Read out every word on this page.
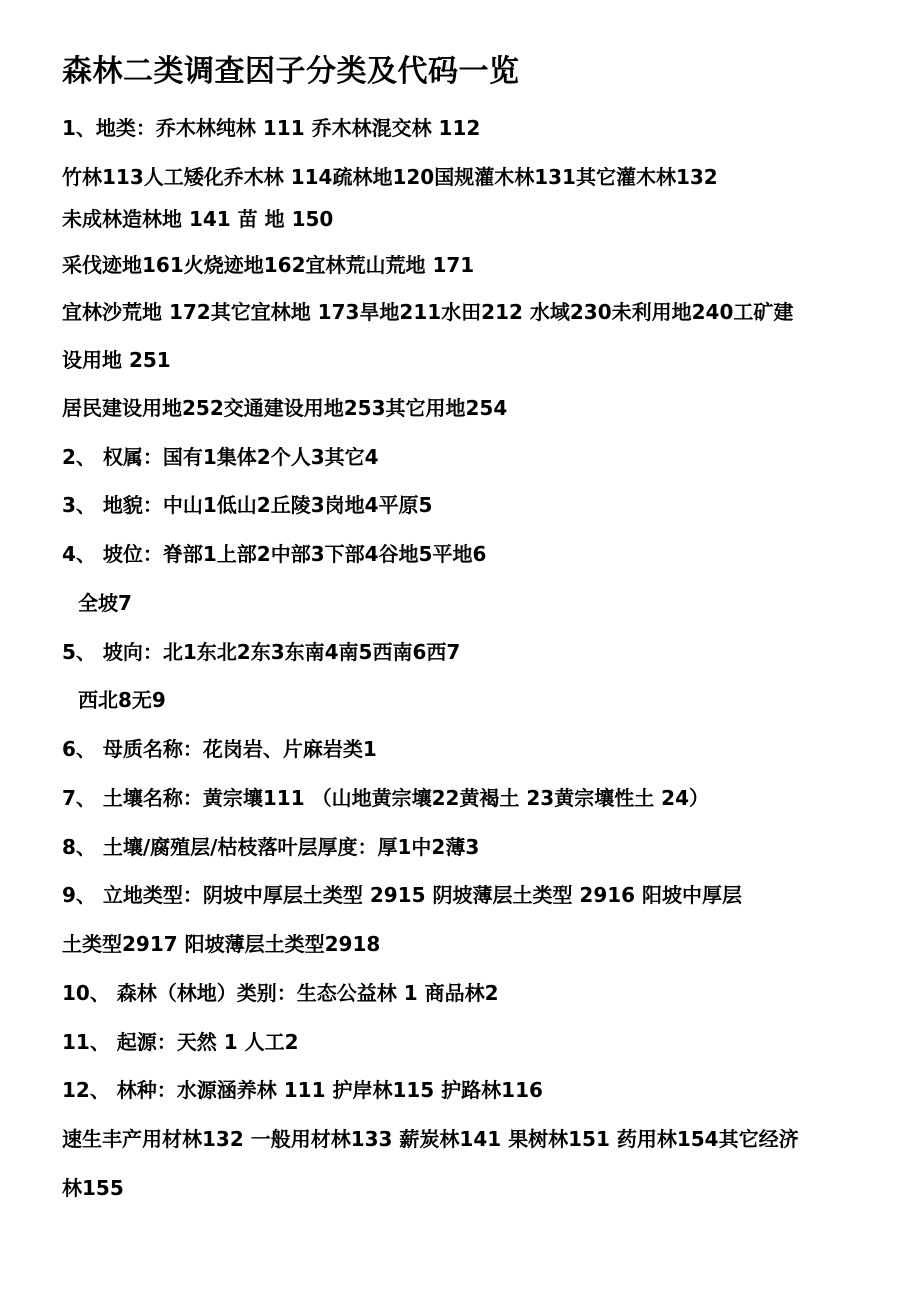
森林二类调查因子分类及代码一览
1、地类：乔木林纯林 111 乔木林混交林 112
竹林113人工矮化乔木林 114疏林地120国规灌木林131其它灌木林132
未成林造林地 141 苗 地 150
采伐迹地161火烧迹地162宜林荒山荒地 171
宜林沙荒地 172其它宜林地 173旱地211水田212 水域230未利用地240工矿建
设用地 251
居民建设用地252交通建设用地253其它用地254
2、 权属：国有1集体2个人3其它4
3、 地貌：中山1低山2丘陵3岗地4平原5
4、 坡位：脊部1上部2中部3下部4谷地5平地6
全坡7
5、 坡向：北1东北2东3东南4南5西南6西7
西北8无9
6、 母质名称：花岗岩、片麻岩类1
7、 土壤名称：黄宗壤111 （山地黄宗壤22黄褐土 23黄宗壤性土 24）
8、 土壤/腐殖层/枯枝落叶层厚度：厚1中2薄3
9、 立地类型：阴坡中厚层土类型 2915 阴坡薄层土类型 2916 阳坡中厚层
土类型2917 阳坡薄层土类型2918
10、 森林（林地）类别：生态公益林 1 商品林2
11、 起源：天然 1 人工2
12、 林种：水源涵养林 111 护岸林115 护路林116
速生丰产用材林132 一般用材林133 薪炭林141 果树林151 药用林154其它经济
林155
